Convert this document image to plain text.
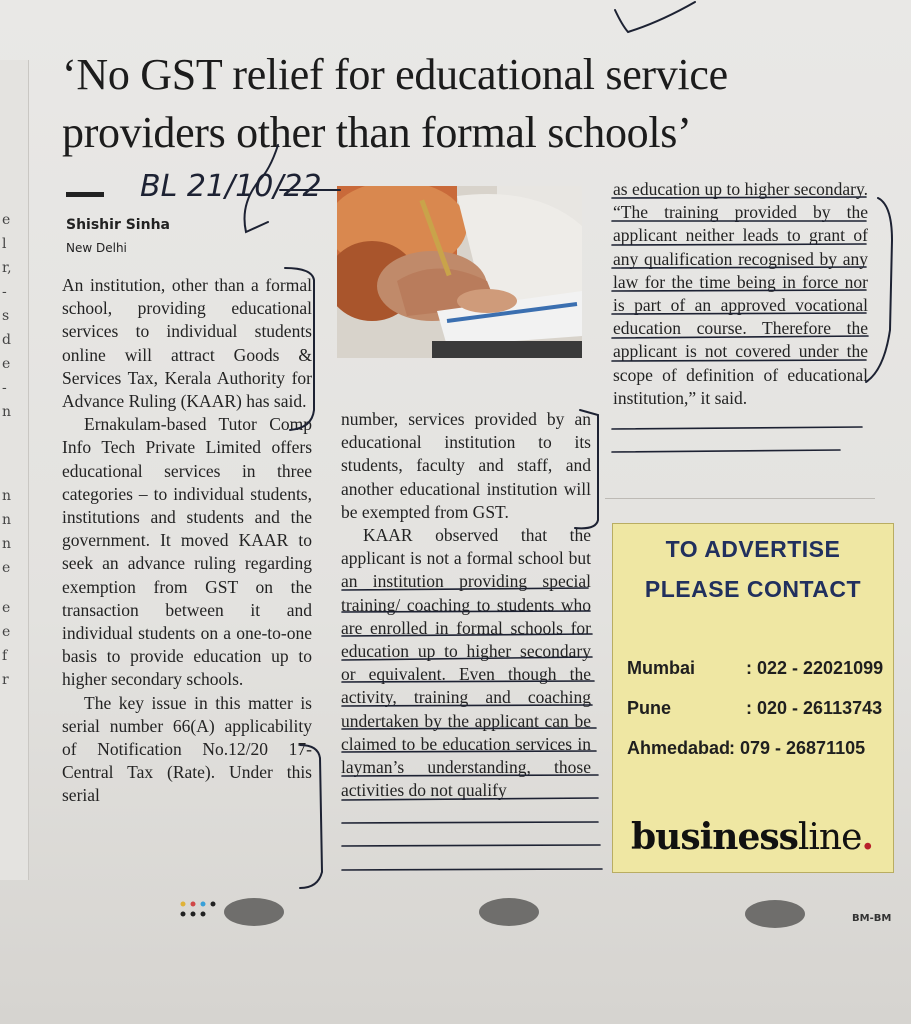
e
l
r,
-
s
d
e
-
n
n
n
n
e
e
e
f
r
‘No GST relief for educational service
providers other than formal schools’
Shishir Sinha
New Delhi

An institution, other than a formal school, providing educational services to individual students online will attract Goods & Services Tax, Kerala Authority for Advance Ruling (KAAR) has said.

Ernakulam-based Tutor Comp Info Tech Private Limited offers educational services in three categories – to individual students, institutions and students and the government. It moved KAAR to seek an advance ruling regarding exemption from GST on the transaction between it and individual students on a one-to-one basis to provide education up to higher secondary schools.

The key issue in this matter is serial number 66(A) applicability of Notification No.12/20 17- Central Tax (Rate). Under this serial

number, services provided by an educational institution to its students, faculty and staff, and another educational institution will be exempted from GST.

KAAR observed that the applicant is not a formal school but an institution providing special training/ coaching to students who are enrolled in formal schools for education up to higher secondary or equivalent. Even though the activity, training and coaching undertaken by the applicant can be claimed to be education services in layman’s understanding, those activities do not qualify

as education up to higher secondary. “The training provided by the applicant neither leads to grant of any qualification recognised by any law for the time being in force nor is part of an approved vocational education course. Therefore the applicant is not covered under the scope of definition of educational institution,” it said.

TO ADVERTISE
PLEASE CONTACT
Mumbai	: 022 - 22021099
Pune	: 020 - 26113743
Ahmedabad
: 079 - 26871105
businessline.
BL 21/10/22
BM-BM
